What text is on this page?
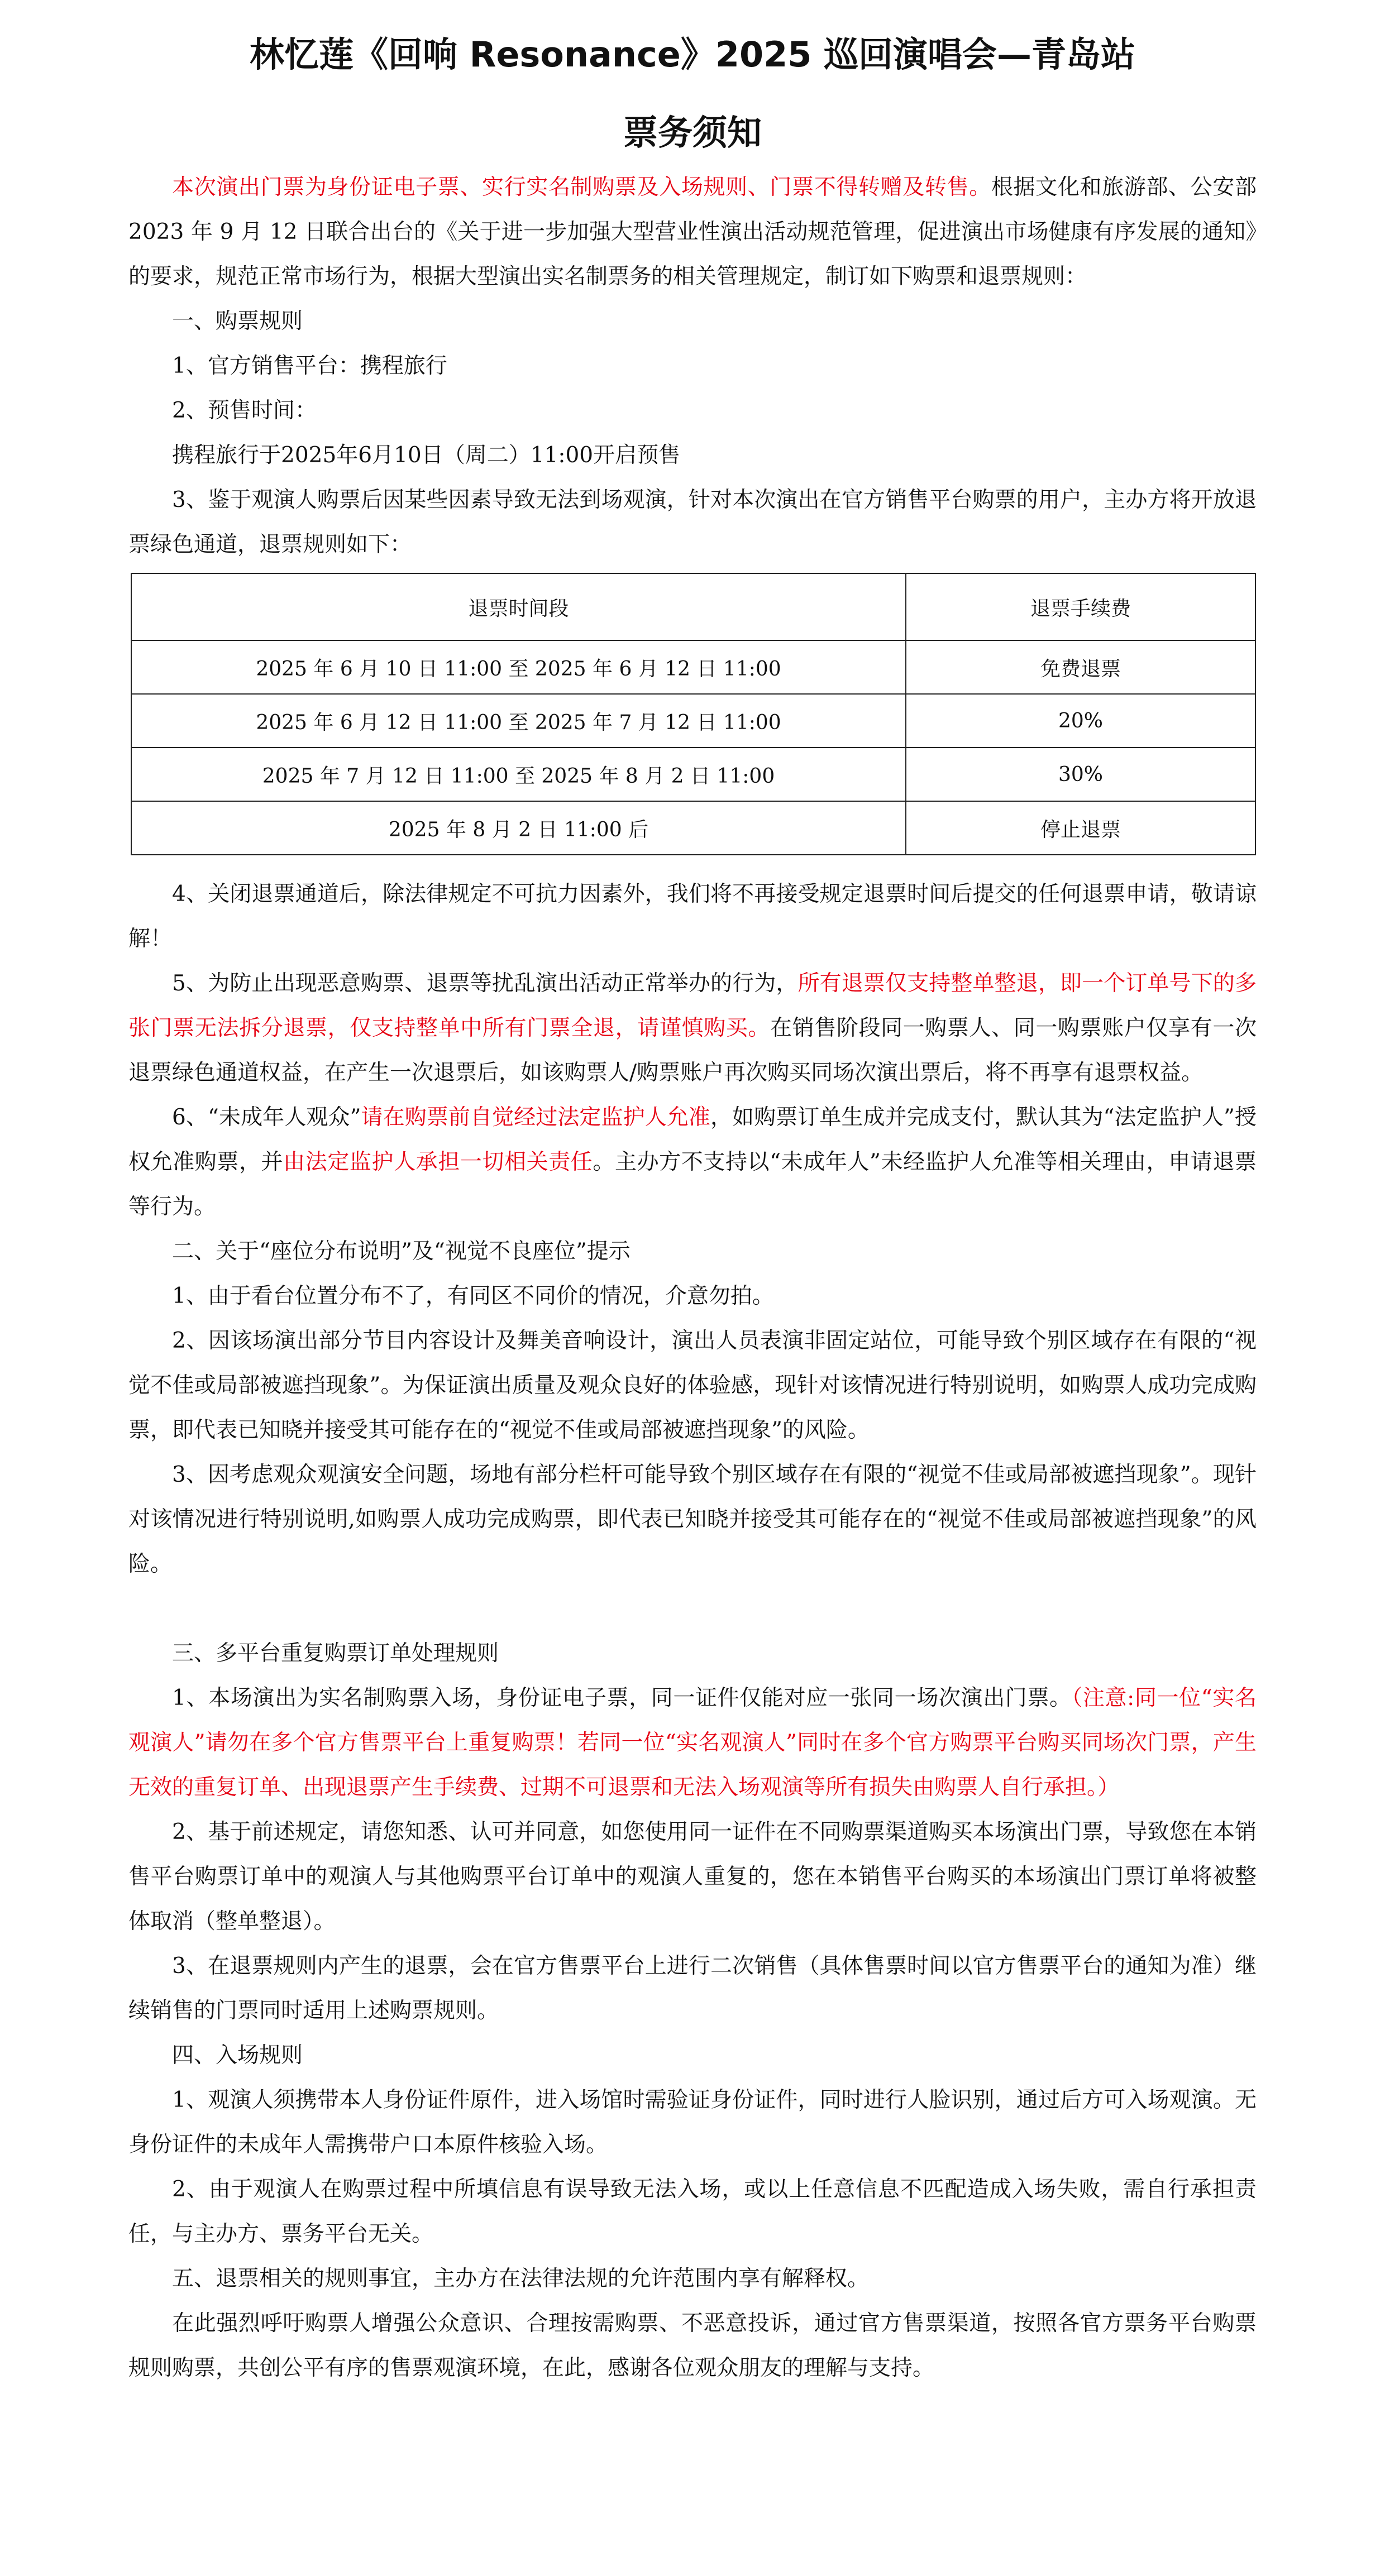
林忆莲《回响 Resonance》2025 巡回演唱会—青岛站
票务须知

本次演出门票为身份证电子票、实行实名制购票及入场规则、门票不得转赠及转售。根据文化和旅游部、公安部 2023 年 9 月 12 日联合出台的《关于进一步加强大型营业性演出活动规范管理，促进演出市场健康有序发展的通知》的要求，规范正常市场行为，根据大型演出实名制票务的相关管理规定，制订如下购票和退票规则：

一、购票规则

1、官方销售平台：携程旅行

2、预售时间：

携程旅行于2025年6月10日（周二）11:00开启预售

3、鉴于观演人购票后因某些因素导致无法到场观演，针对本次演出在官方销售平台购票的用户，主办方将开放退票绿色通道，退票规则如下：

退票时间段	退票手续费
2025 年 6 月 10 日 11:00 至 2025 年 6 月 12 日 11:00	免费退票
2025 年 6 月 12 日 11:00 至 2025 年 7 月 12 日 11:00	20%
2025 年 7 月 12 日 11:00 至 2025 年 8 月 2 日 11:00	30%
2025 年 8 月 2 日 11:00 后	停止退票

4、关闭退票通道后，除法律规定不可抗力因素外，我们将不再接受规定退票时间后提交的任何退票申请，敬请谅解！

5、为防止出现恶意购票、退票等扰乱演出活动正常举办的行为，所有退票仅支持整单整退，即一个订单号下的多张门票无法拆分退票，仅支持整单中所有门票全退，请谨慎购买。在销售阶段同一购票人、同一购票账户仅享有一次退票绿色通道权益，在产生一次退票后，如该购票人/购票账户再次购买同场次演出票后，将不再享有退票权益。

6、“未成年人观众”请在购票前自觉经过法定监护人允准，如购票订单生成并完成支付，默认其为“法定监护人”授权允准购票，并由法定监护人承担一切相关责任。主办方不支持以“未成年人”未经监护人允准等相关理由，申请退票等行为。

二、关于“座位分布说明”及“视觉不良座位”提示

1、由于看台位置分布不了，有同区不同价的情况，介意勿拍。

2、因该场演出部分节目内容设计及舞美音响设计，演出人员表演非固定站位，可能导致个别区域存在有限的“视觉不佳或局部被遮挡现象”。为保证演出质量及观众良好的体验感，现针对该情况进行特别说明，如购票人成功完成购票，即代表已知晓并接受其可能存在的“视觉不佳或局部被遮挡现象”的风险。

3、因考虑观众观演安全问题，场地有部分栏杆可能导致个别区域存在有限的“视觉不佳或局部被遮挡现象”。现针对该情况进行特别说明,如购票人成功完成购票，即代表已知晓并接受其可能存在的“视觉不佳或局部被遮挡现象”的风险。

三、多平台重复购票订单处理规则

1、本场演出为实名制购票入场，身份证电子票，同一证件仅能对应一张同一场次演出门票。（注意:同一位“实名观演人”请勿在多个官方售票平台上重复购票！若同一位“实名观演人”同时在多个官方购票平台购买同场次门票，产生无效的重复订单、出现退票产生手续费、过期不可退票和无法入场观演等所有损失由购票人自行承担。）

2、基于前述规定，请您知悉、认可并同意，如您使用同一证件在不同购票渠道购买本场演出门票，导致您在本销售平台购票订单中的观演人与其他购票平台订单中的观演人重复的，您在本销售平台购买的本场演出门票订单将被整体取消（整单整退）。

3、在退票规则内产生的退票，会在官方售票平台上进行二次销售（具体售票时间以官方售票平台的通知为准）继续销售的门票同时适用上述购票规则。

四、入场规则

1、观演人须携带本人身份证件原件，进入场馆时需验证身份证件，同时进行人脸识别，通过后方可入场观演。无身份证件的未成年人需携带户口本原件核验入场。

2、由于观演人在购票过程中所填信息有误导致无法入场，或以上任意信息不匹配造成入场失败，需自行承担责任，与主办方、票务平台无关。

五、退票相关的规则事宜，主办方在法律法规的允许范围内享有解释权。

在此强烈呼吁购票人增强公众意识、合理按需购票、不恶意投诉，通过官方售票渠道，按照各官方票务平台购票规则购票，共创公平有序的售票观演环境，在此，感谢各位观众朋友的理解与支持。
